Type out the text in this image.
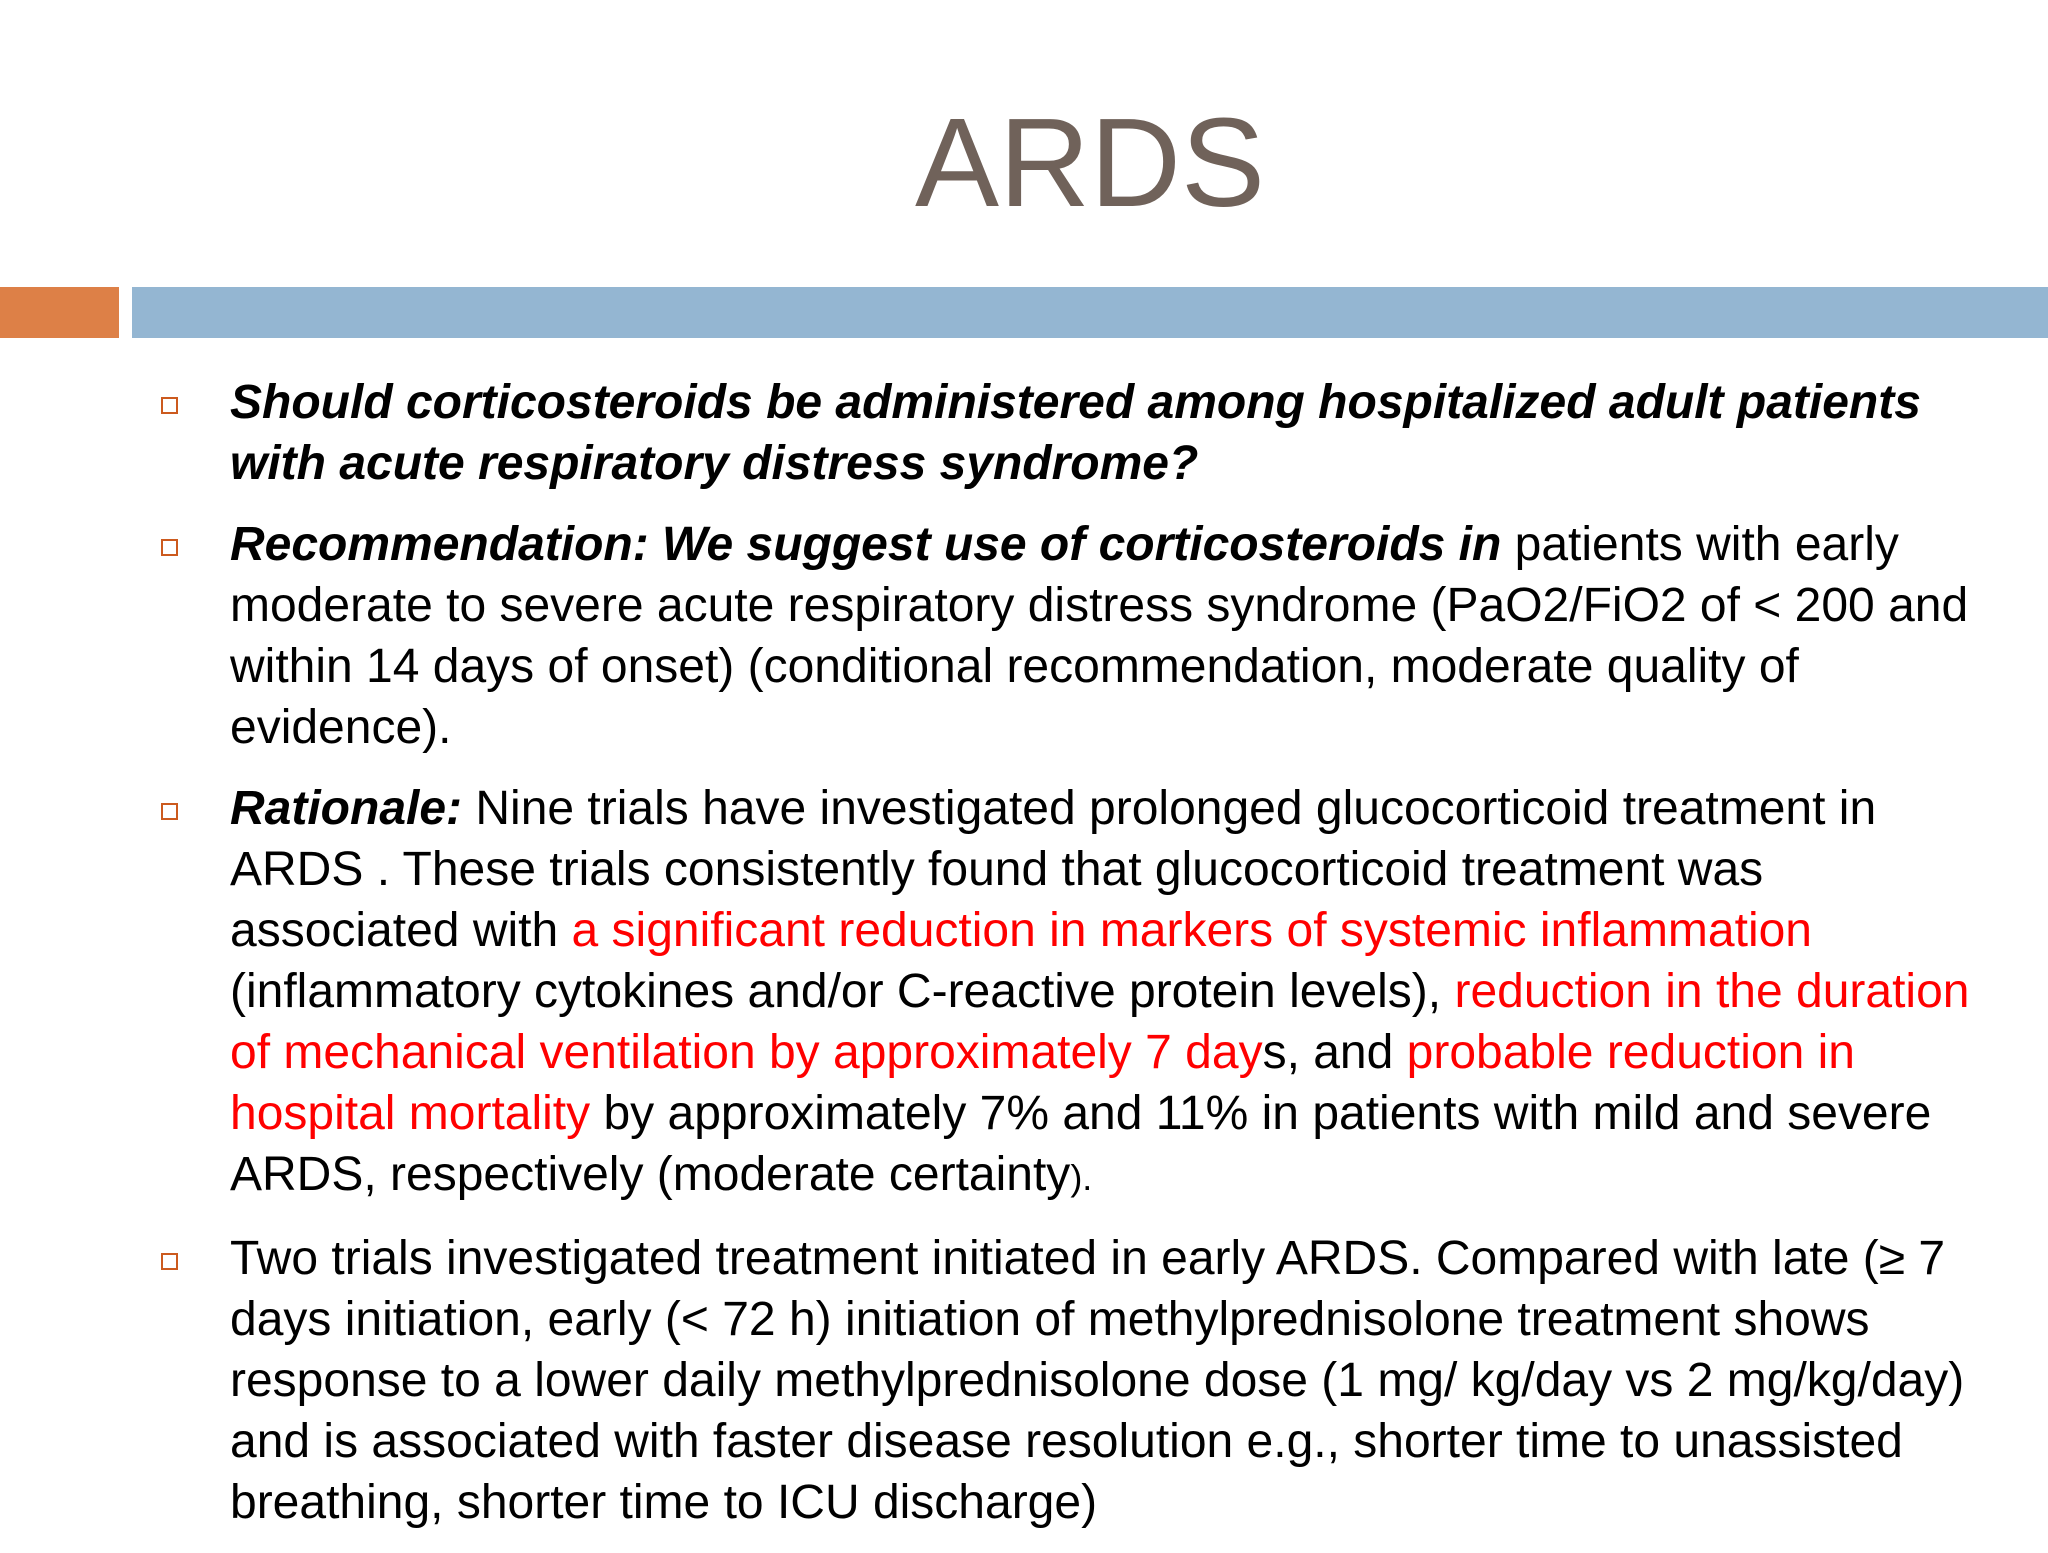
ARDS
Should corticosteroids be administered among hospitalized adult patients with acute respiratory distress syndrome?
Recommendation: We suggest use of corticosteroids in patients with early moderate to severe acute respiratory distress syndrome (PaO2/FiO2 of < 200 and within 14 days of onset) (conditional recommendation, moderate quality of evidence).
Rationale: Nine trials have investigated prolonged glucocorticoid treatment in ARDS . These trials consistently found that glucocorticoid treatment was associated with a significant reduction in markers of systemic inflammation (inflammatory cytokines and/or C-reactive protein levels), reduction in the duration of mechanical ventilation by approximately 7 days, and probable reduction in hospital mortality by approximately 7% and 11% in patients with mild and severe ARDS, respectively (moderate certainty).
Two trials investigated treatment initiated in early ARDS. Compared with late (≥ 7 days initiation, early (< 72 h) initiation of methylprednisolone treatment shows response to a lower daily methylprednisolone dose (1 mg/ kg/day vs 2 mg/kg/day) and is associated with faster disease resolution e.g., shorter time to unassisted breathing, shorter time to ICU discharge)
